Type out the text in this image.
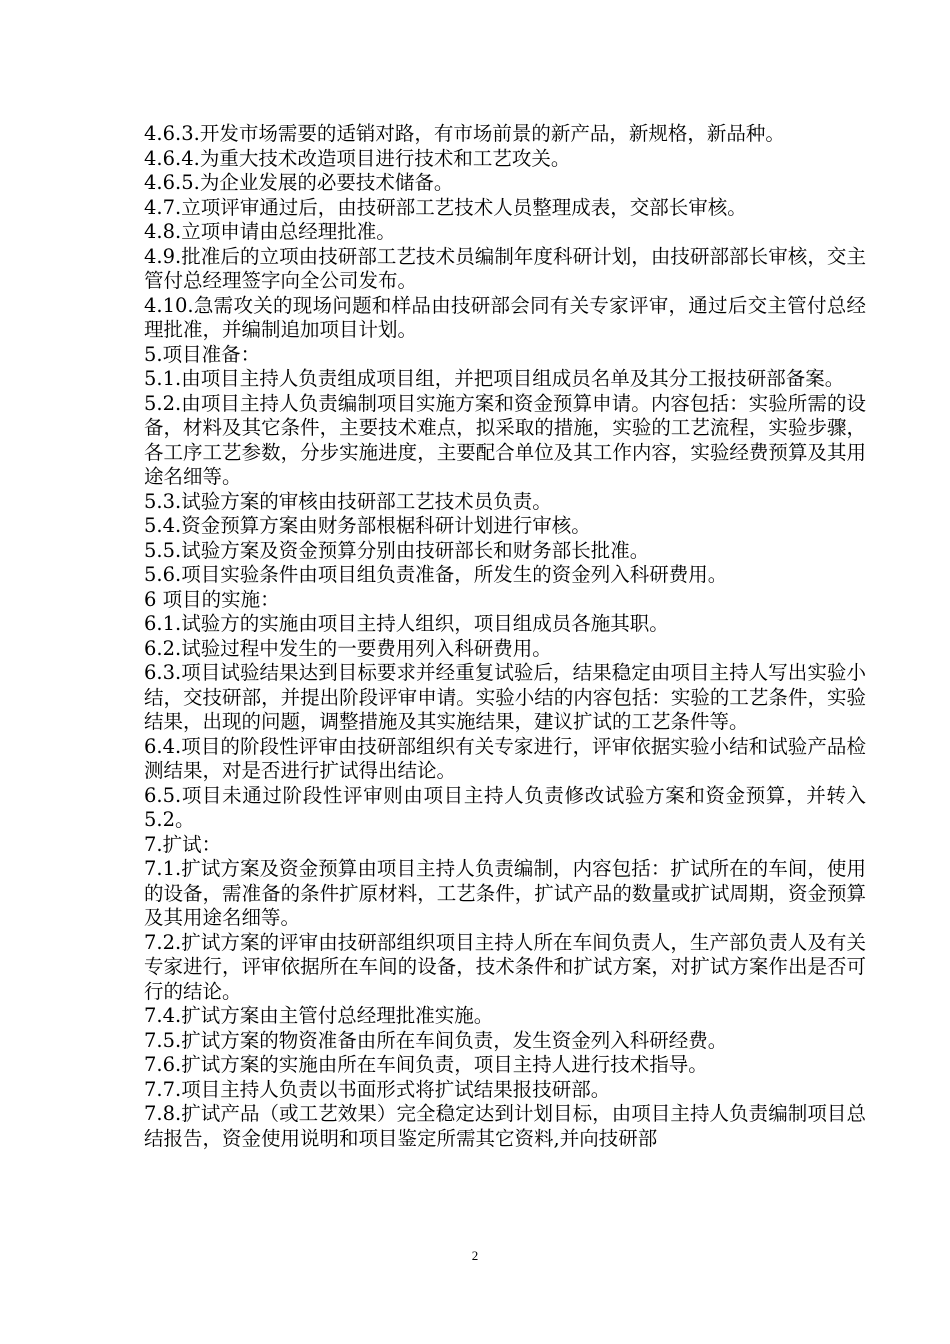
4.6.3.开发市场需要的适销对路，有市场前景的新产品，新规格，新品种。

4.6.4.为重大技术改造项目进行技术和工艺攻关。

4.6.5.为企业发展的必要技术储备。

4.7.立项评审通过后，由技研部工艺技术人员整理成表，交部长审核。

4.8.立项申请由总经理批准。

4.9.批准后的立项由技研部工艺技术员编制年度科研计划，由技研部部长审核，交主管付总经理签字向全公司发布。

4.10.急需攻关的现场问题和样品由技研部会同有关专家评审，通过后交主管付总经理批准，并编制追加项目计划。

5.项目准备：

5.1.由项目主持人负责组成项目组，并把项目组成员名单及其分工报技研部备案。

5.2.由项目主持人负责编制项目实施方案和资金预算申请。内容包括：实验所需的设备，材料及其它条件，主要技术难点，拟采取的措施，实验的工艺流程，实验步骤，各工序工艺参数，分步实施进度，主要配合单位及其工作内容，实验经费预算及其用途名细等。

5.3.试验方案的审核由技研部工艺技术员负责。

5.4.资金预算方案由财务部根椐科研计划进行审核。

5.5.试验方案及资金预算分别由技研部长和财务部长批准。

5.6.项目实验条件由项目组负责准备，所发生的资金列入科研费用。

6 项目的实施：

6.1.试验方的实施由项目主持人组织，项目组成员各施其职。

6.2.试验过程中发生的一要费用列入科研费用。

6.3.项目试验结果达到目标要求并经重复试验后，结果稳定由项目主持人写出实验小结，交技研部，并提出阶段评审申请。实验小结的内容包括：实验的工艺条件，实验结果，出现的问题，调整措施及其实施结果，建议扩试的工艺条件等。

6.4.项目的阶段性评审由技研部组织有关专家进行，评审依据实验小结和试验产品检测结果，对是否进行扩试得出结论。

6.5.项目未通过阶段性评审则由项目主持人负责修改试验方案和资金预算，并转入 5.2。

7.扩试：

7.1.扩试方案及资金预算由项目主持人负责编制，内容包括：扩试所在的车间，使用的设备，需准备的条件扩原材料，工艺条件，扩试产品的数量或扩试周期，资金预算及其用途名细等。

7.2.扩试方案的评审由技研部组织项目主持人所在车间负责人，生产部负责人及有关专家进行，评审依据所在车间的设备，技术条件和扩试方案，对扩试方案作出是否可行的结论。

7.4.扩试方案由主管付总经理批准实施。

7.5.扩试方案的物资准备由所在车间负责，发生资金列入科研经费。

7.6.扩试方案的实施由所在车间负责，项目主持人进行技术指导。

7.7.项目主持人负责以书面形式将扩试结果报技研部。

7.8.扩试产品（或工艺效果）完全稳定达到计划目标，由项目主持人负责编制项目总结报告，资金使用说明和项目鉴定所需其它资料,并向技研部

2
